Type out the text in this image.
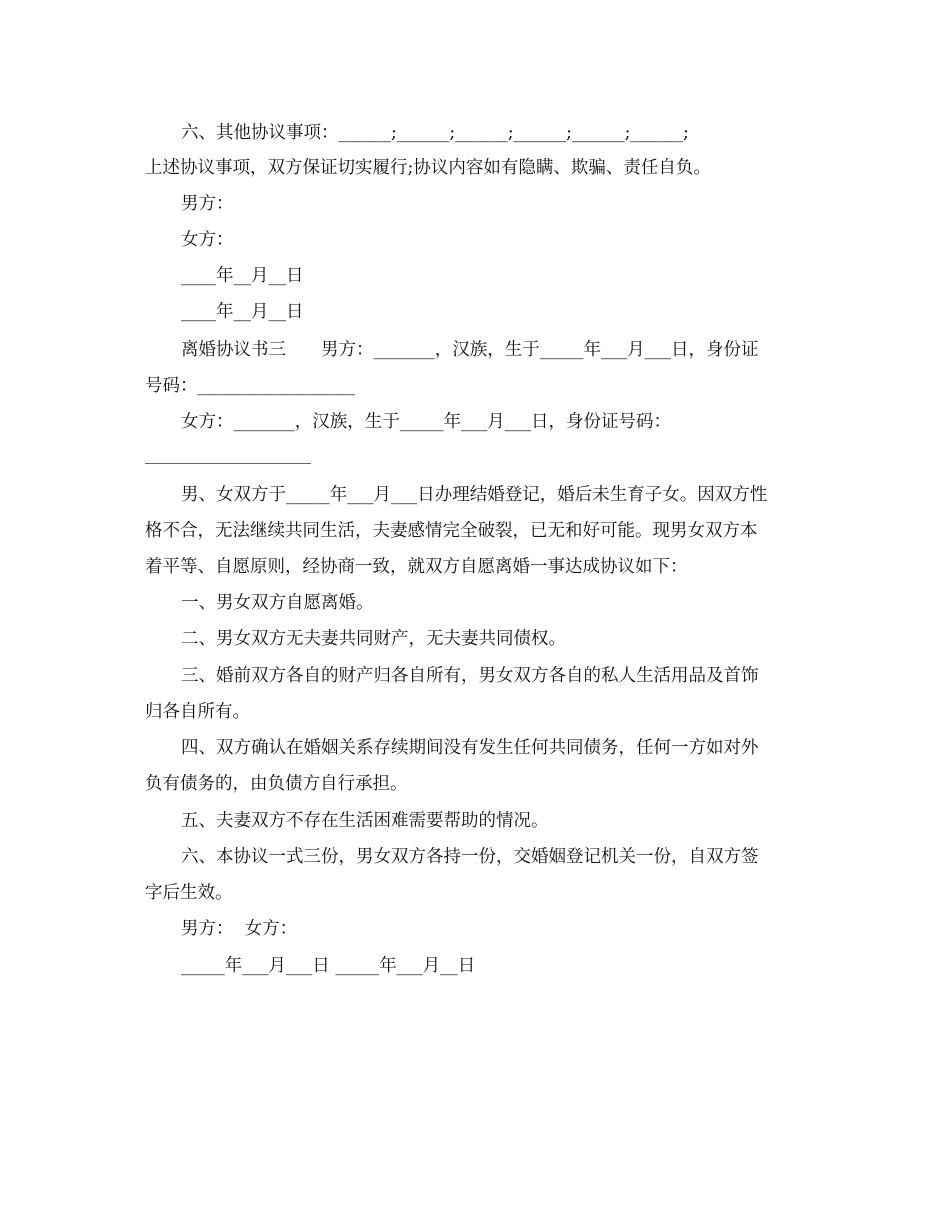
六、其他协议事项：______;______;______;______;______;______;
上述协议事项，双方保证切实履行;协议内容如有隐瞒、欺骗、责任自负。
男方：
女方：
____年__月__日
____年__月__日
离婚协议书三　　男方：_______，汉族，生于_____年___月___日，身份证
号码：__________________
女方：_______，汉族，生于_____年___月___日，身份证号码：
男、女双方于_____年___月___日办理结婚登记，婚后未生育子女。因双方性
格不合，无法继续共同生活，夫妻感情完全破裂，已无和好可能。现男女双方本
着平等、自愿原则，经协商一致，就双方自愿离婚一事达成协议如下：
一、男女双方自愿离婚。
二、男女双方无夫妻共同财产，无夫妻共同债权。
三、婚前双方各自的财产归各自所有，男女双方各自的私人生活用品及首饰
归各自所有。
四、双方确认在婚姻关系存续期间没有发生任何共同债务，任何一方如对外
负有债务的，由负债方自行承担。
五、夫妻双方不存在生活困难需要帮助的情况。
六、本协议一式三份，男女双方各持一份，交婚姻登记机关一份，自双方签
字后生效。
男方：  女方：
_____年___月___日 _____年___月__日
